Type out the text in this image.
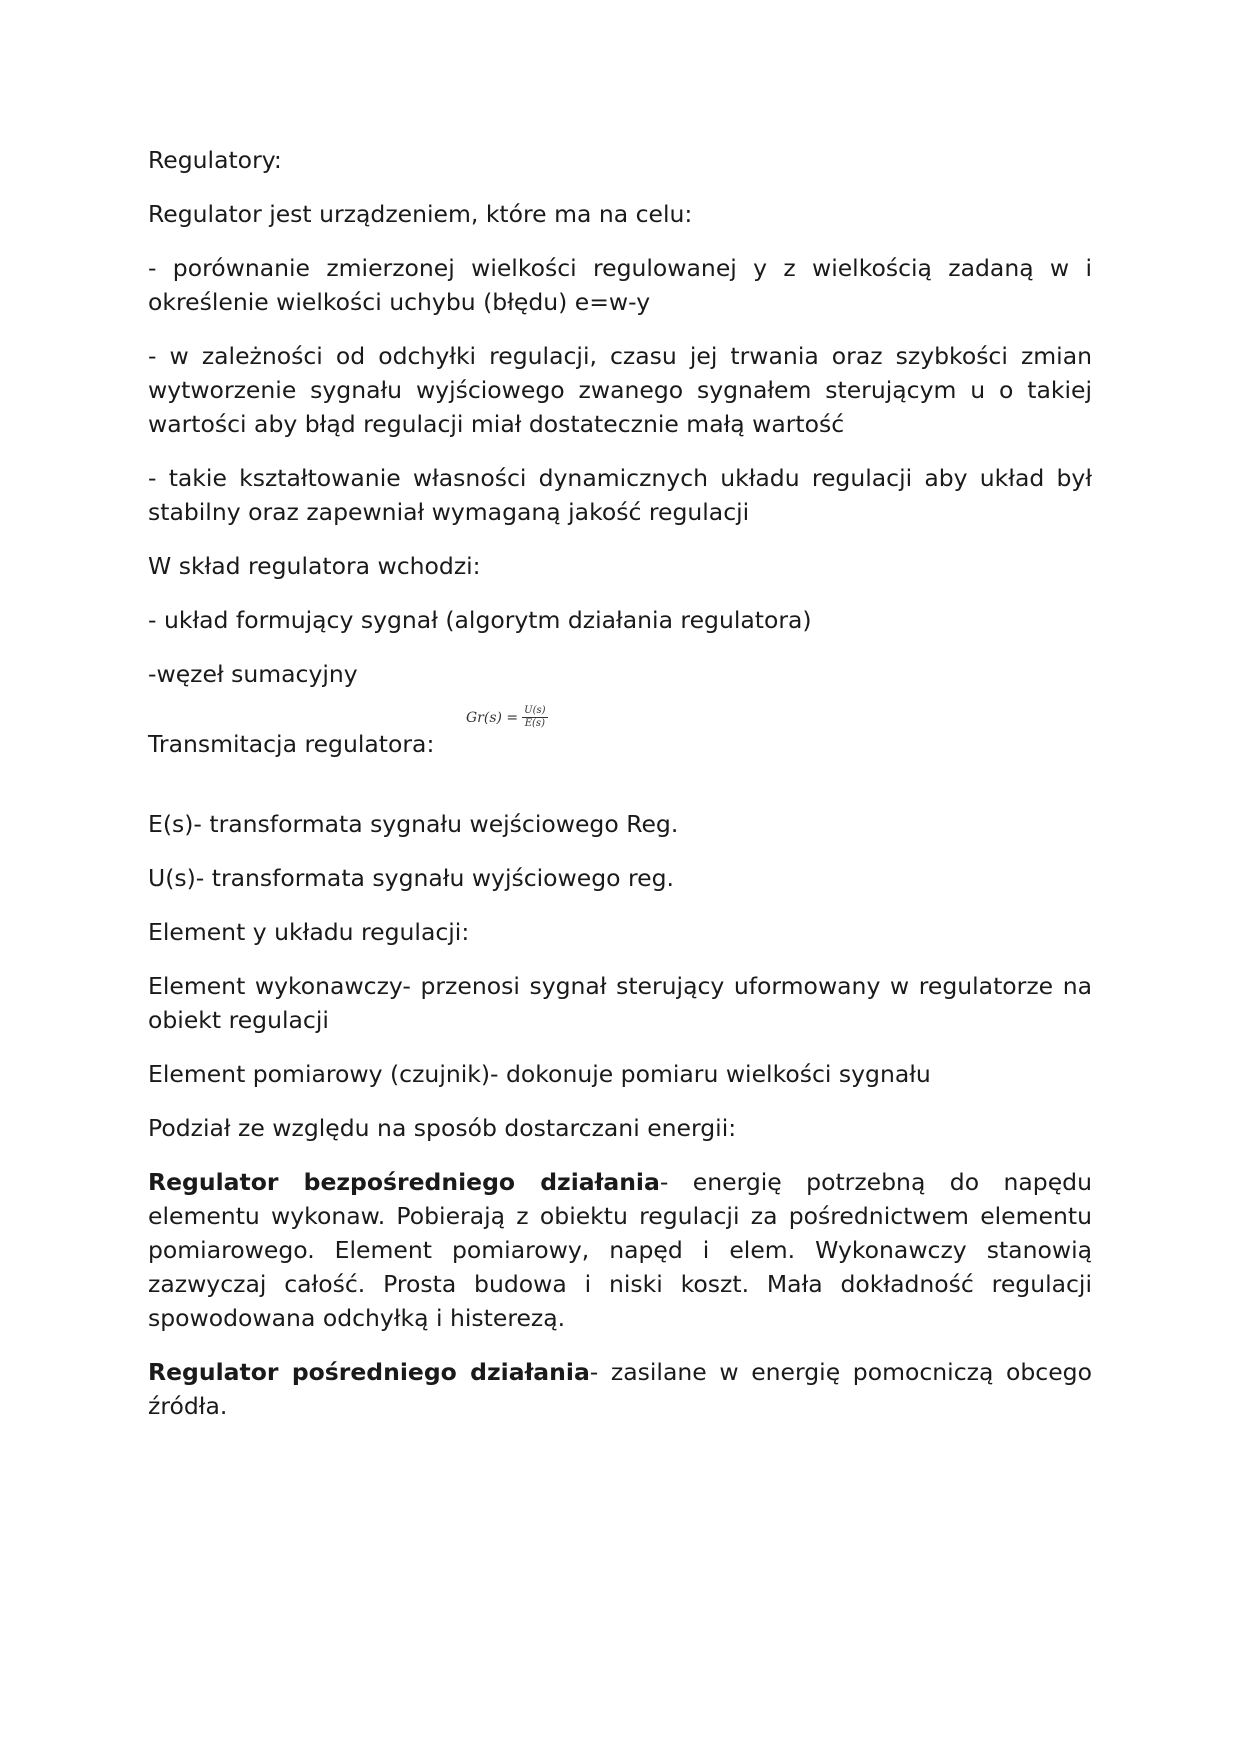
Regulatory:

Regulator jest urządzeniem, które ma na celu:

- porównanie zmierzonej wielkości regulowanej y z wielkością zadaną w i określenie wielkości uchybu (błędu) e=w-y

- w zależności od odchyłki regulacji, czasu jej trwania oraz szybkości zmian wytworzenie sygnału wyjściowego zwanego sygnałem sterującym u o takiej wartości aby błąd regulacji miał dostatecznie małą wartość

- takie kształtowanie własności dynamicznych układu regulacji aby układ był stabilny oraz zapewniał wymaganą jakość regulacji

W skład regulatora wchodzi:

- układ formujący sygnał (algorytm działania regulatora)

-węzeł sumacyjny

Transmitacja regulatora:
$Gr(s) = \frac{U(s)}{E(s)}$

E(s)- transformata sygnału wejściowego Reg.

U(s)- transformata sygnału wyjściowego reg.

Element y układu regulacji:

Element wykonawczy- przenosi sygnał sterujący uformowany w regulatorze na obiekt regulacji

Element pomiarowy (czujnik)- dokonuje pomiaru wielkości sygnału

Podział ze względu na sposób dostarczani energii:

Regulator bezpośredniego działania- energię potrzebną do napędu elementu wykonaw. Pobierają z obiektu regulacji za pośrednictwem elementu pomiarowego. Element pomiarowy, napęd i elem. Wykonawczy stanowią zazwyczaj całość. Prosta budowa i niski koszt. Mała dokładność regulacji spowodowana odchyłką i histerezą.

Regulator pośredniego działania- zasilane w energię pomocniczą obcego źródła.
